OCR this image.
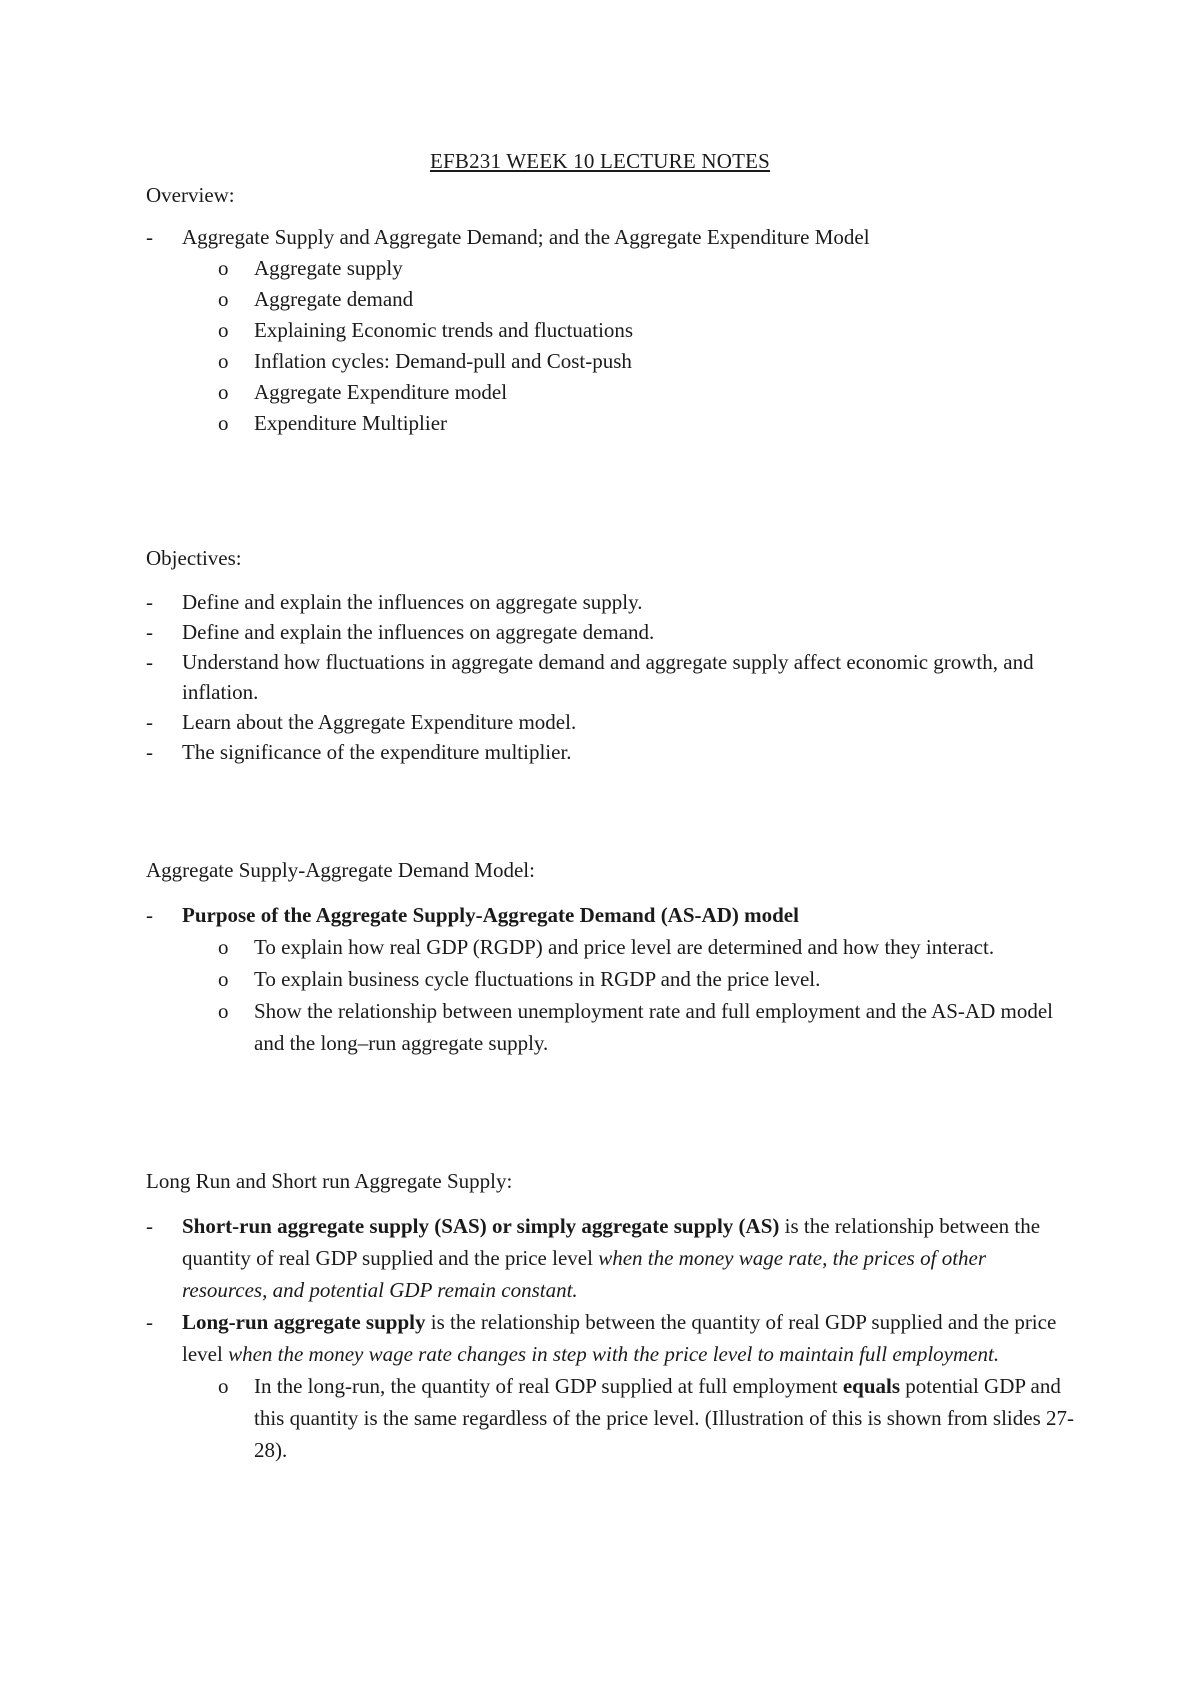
EFB231 WEEK 10 LECTURE NOTES

Overview:

- Aggregate Supply and Aggregate Demand; and the Aggregate Expenditure Model

o Aggregate supply

o Aggregate demand

o Explaining Economic trends and fluctuations

o Inflation cycles: Demand-pull and Cost-push

o Aggregate Expenditure model

o Expenditure Multiplier

Objectives:

- Define and explain the influences on aggregate supply.

- Define and explain the influences on aggregate demand.

- Understand how fluctuations in aggregate demand and aggregate supply affect economic growth, and inflation.

- Learn about the Aggregate Expenditure model.

- The significance of the expenditure multiplier.

Aggregate Supply-Aggregate Demand Model:

- Purpose of the Aggregate Supply-Aggregate Demand (AS-AD) model

o To explain how real GDP (RGDP) and price level are determined and how they interact.

o To explain business cycle fluctuations in RGDP and the price level.

o Show the relationship between unemployment rate and full employment and the AS-AD model and the long–run aggregate supply.

Long Run and Short run Aggregate Supply:

- Short-run aggregate supply (SAS) or simply aggregate supply (AS) is the relationship between the quantity of real GDP supplied and the price level when the money wage rate, the prices of other resources, and potential GDP remain constant.

- Long-run aggregate supply is the relationship between the quantity of real GDP supplied and the price level when the money wage rate changes in step with the price level to maintain full employment.

o In the long-run, the quantity of real GDP supplied at full employment equals potential GDP and this quantity is the same regardless of the price level. (Illustration of this is shown from slides 27-28).
